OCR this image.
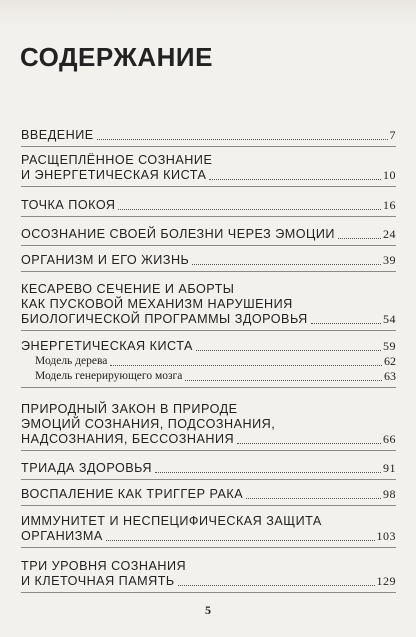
СОДЕРЖАНИЕ
ВВЕДЕНИЕ	7
РАСЩЕПЛЁННОЕ СОЗНАНИЕ
И ЭНЕРГЕТИЧЕСКАЯ КИСТА	10
ТОЧКА ПОКОЯ	16
ОСОЗНАНИЕ СВОЕЙ БОЛЕЗНИ ЧЕРЕЗ ЭМОЦИИ	24
ОРГАНИЗМ И ЕГО ЖИЗНЬ	39
КЕСАРЕВО СЕЧЕНИЕ И АБОРТЫ
КАК ПУСКОВОЙ МЕХАНИЗМ НАРУШЕНИЯ
БИОЛОГИЧЕСКОЙ ПРОГРАММЫ ЗДОРОВЬЯ	54
ЭНЕРГЕТИЧЕСКАЯ КИСТА	59
Модель дерева	62
Модель генерирующего мозга	63
ПРИРОДНЫЙ ЗАКОН В ПРИРОДЕ
ЭМОЦИЙ СОЗНАНИЯ, ПОДСОЗНАНИЯ,
НАДСОЗНАНИЯ, БЕССОЗНАНИЯ	66
ТРИАДА ЗДОРОВЬЯ	91
ВОСПАЛЕНИЕ КАК ТРИГГЕР РАКА	98
ИММУНИТЕТ И НЕСПЕЦИФИЧЕСКАЯ ЗАЩИТА
ОРГАНИЗМА	103
ТРИ УРОВНЯ СОЗНАНИЯ
И КЛЕТОЧНАЯ ПАМЯТЬ	129
5
